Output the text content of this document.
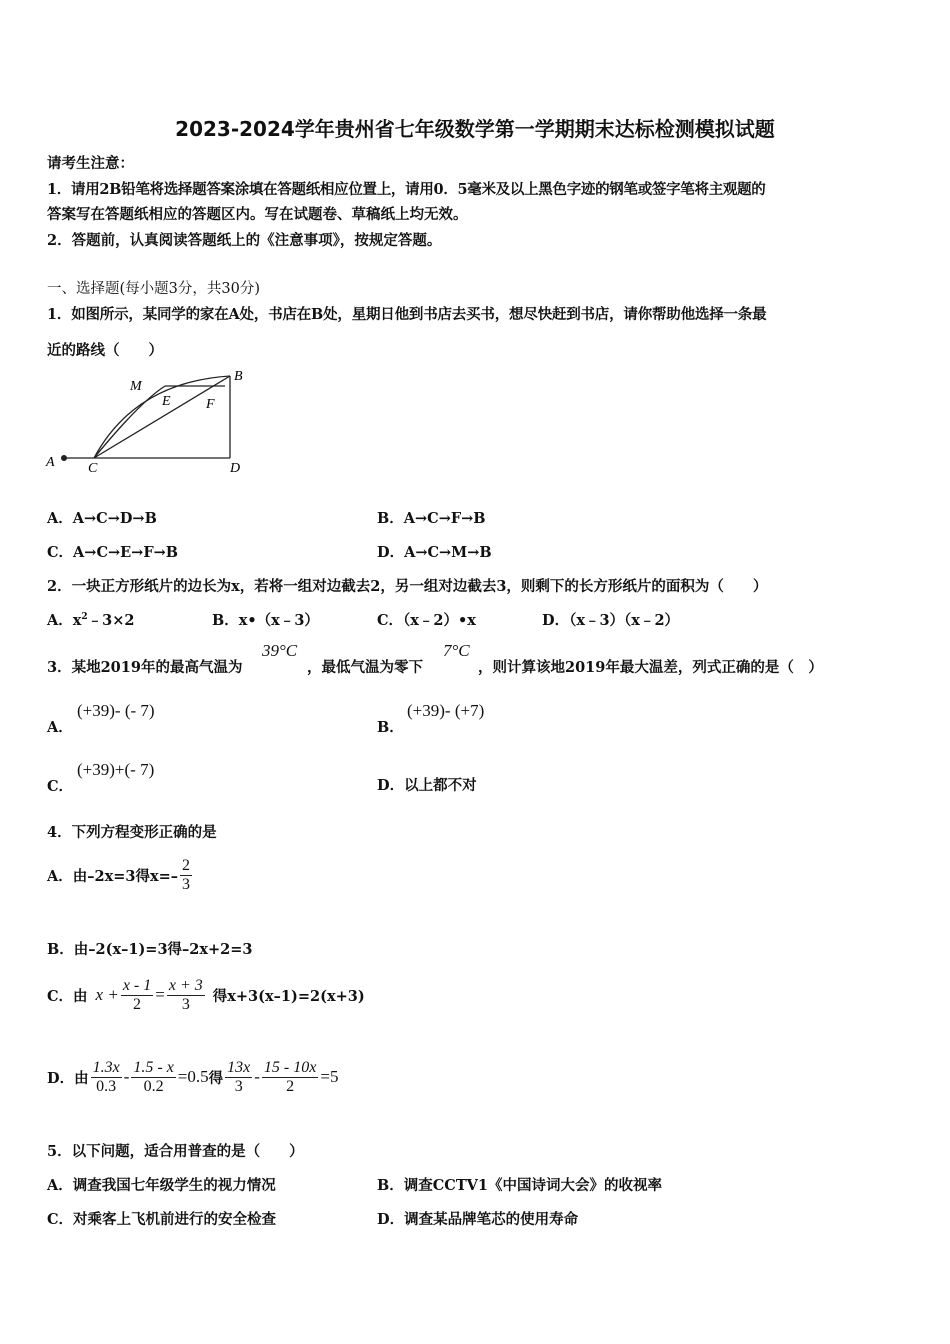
2023-2024学年贵州省七年级数学第一学期期末达标检测模拟试题
请考生注意：
1．请用2B铅笔将选择题答案涂填在答题纸相应位置上，请用0．5毫米及以上黑色字迹的钢笔或签字笔将主观题的
答案写在答题纸相应的答题区内。写在试题卷、草稿纸上均无效。
2．答题前，认真阅读答题纸上的《注意事项》，按规定答题。
一、选择题(每小题3分，共30分)
1．如图所示，某同学的家在A处，书店在B处，星期日他到书店去买书，想尽快赶到书店，请你帮助他选择一条最
近的路线（　　）
A C	D
B
M
E	F
A．A→C→D→B	B．A→C→F→B
C．A→C→E→F→B	D．A→C→M→B
2．一块正方形纸片的边长为x，若将一组对边截去2，另一组对边截去3，则剩下的长方形纸片的面积为（　　）
A．$x^2﹣3\times 2$	B．x•（x﹣3）	C．（x﹣2）•x	D．（x﹣3）（x﹣2）
3．某地2019年的最高气温为
39°C
，最低气温为零下
7°C
，则计算该地2019年最大温差，列式正确的是（　）
A．
(+39)- (- 7)
B．
(+39)- (+7)
C．
(+39)+(- 7)
D．以上都不对
4．下列方程变形正确的是
A．由–2x=3得$x=- \frac{2}{3}$
B．由–2(x–1)=3得–2x+2=3
C．由 $x + \frac{x - 1}{2} = \frac{x + 3}{3}$ 得x+3(x–1)=2(x+3)
D．由 $\frac{1.3x}{0.3} - \frac{1.5 - x}{0.2} =0.5$ 得 $\frac{13x}{3} - \frac{15 - 10x}{2} =5$
5．以下问题，适合用普查的是（　　）
A．调查我国七年级学生的视力情况	B．调查CCTV1《中国诗词大会》的收视率
C．对乘客上飞机前进行的安全检查	D．调查某品牌笔芯的使用寿命
